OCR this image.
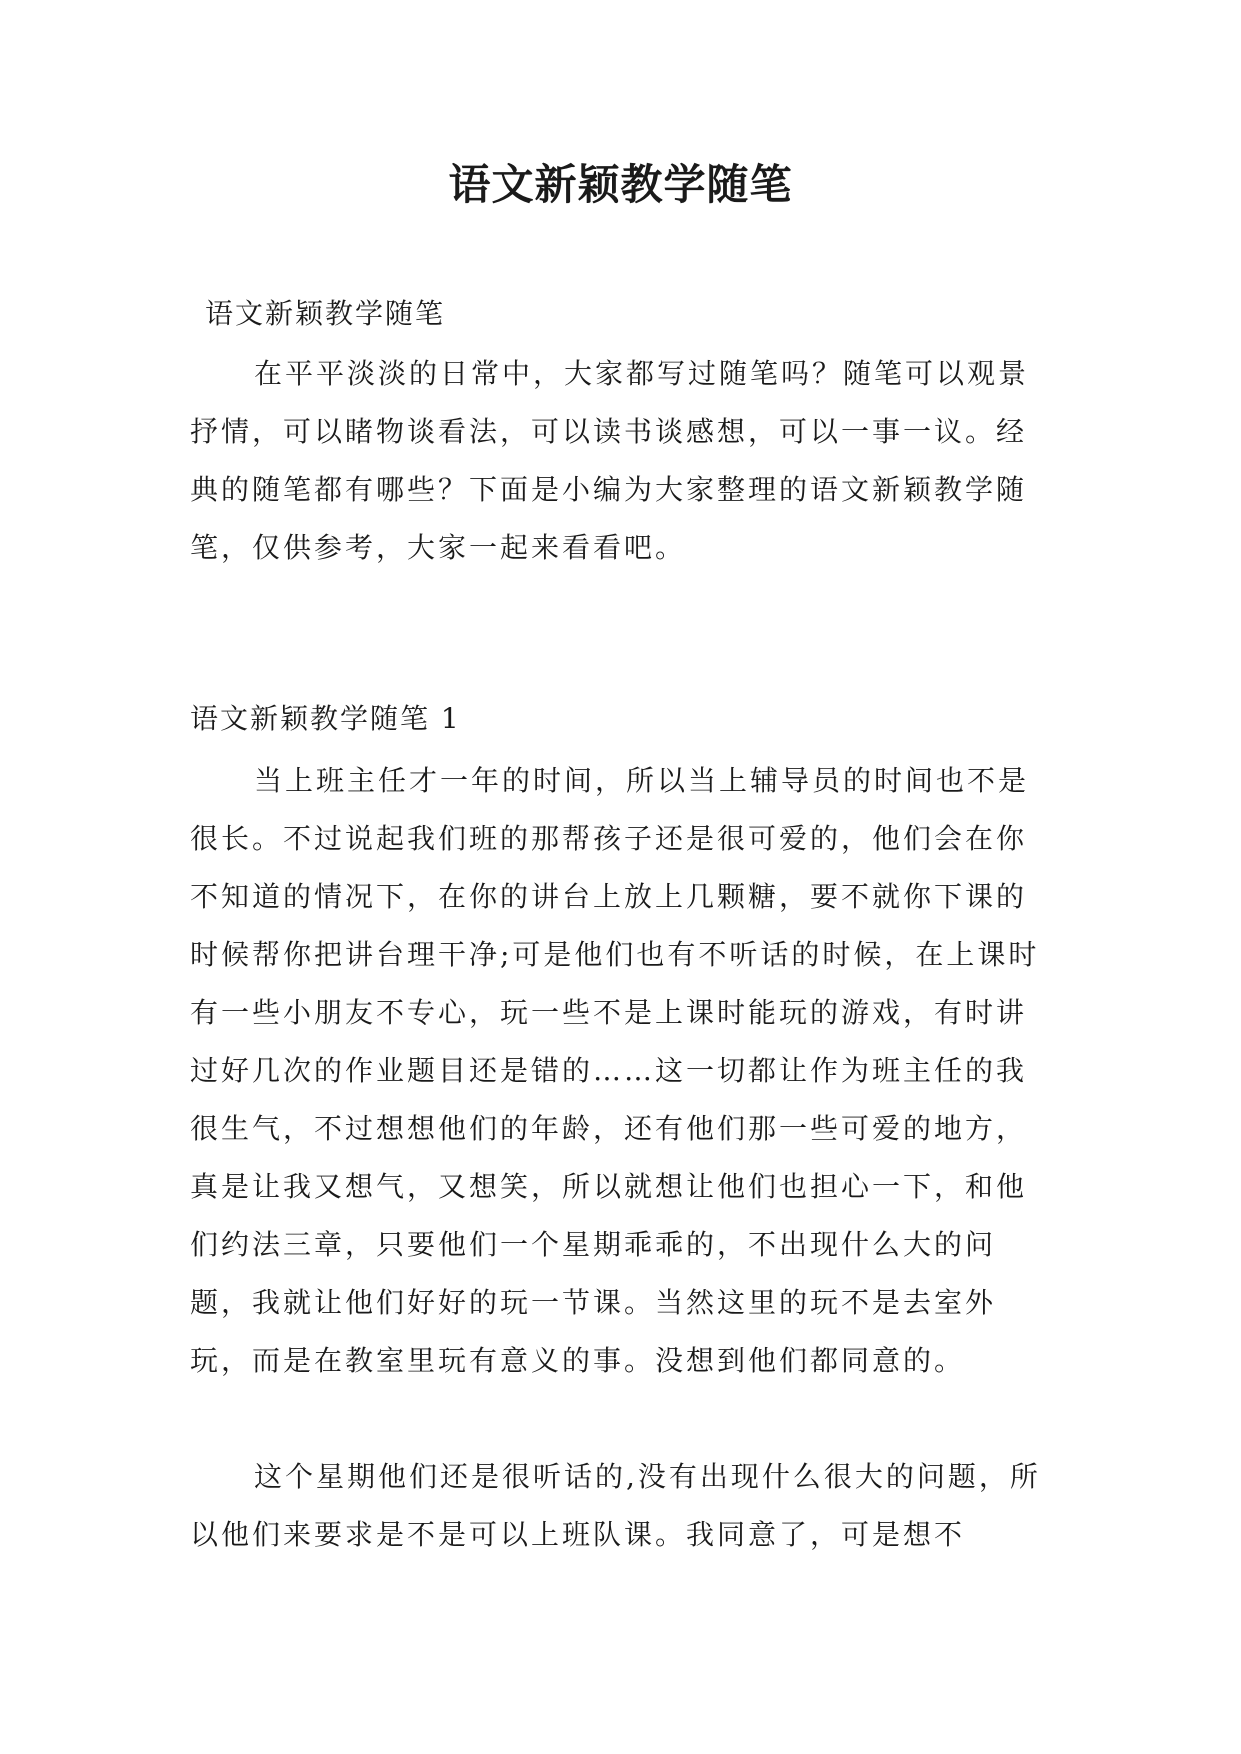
语文新颖教学随笔

语文新颖教学随笔

在平平淡淡的日常中，大家都写过随笔吗？随笔可以观景抒情，可以睹物谈看法，可以读书谈感想，可以一事一议。经典的随笔都有哪些？下面是小编为大家整理的语文新颖教学随笔，仅供参考，大家一起来看看吧。

语文新颖教学随笔 1

当上班主任才一年的时间，所以当上辅导员的时间也不是很长。不过说起我们班的那帮孩子还是很可爱的，他们会在你不知道的情况下，在你的讲台上放上几颗糖，要不就你下课的时候帮你把讲台理干净;可是他们也有不听话的时候，在上课时有一些小朋友不专心，玩一些不是上课时能玩的游戏，有时讲过好几次的作业题目还是错的……这一切都让作为班主任的我很生气，不过想想他们的年龄，还有他们那一些可爱的地方，真是让我又想气，又想笑，所以就想让他们也担心一下，和他们约法三章，只要他们一个星期乖乖的，不出现什么大的问题，我就让他们好好的玩一节课。当然这里的玩不是去室外玩，而是在教室里玩有意义的事。没想到他们都同意的。

这个星期他们还是很听话的,没有出现什么很大的问题，所以他们来要求是不是可以上班队课。我同意了，可是想不
